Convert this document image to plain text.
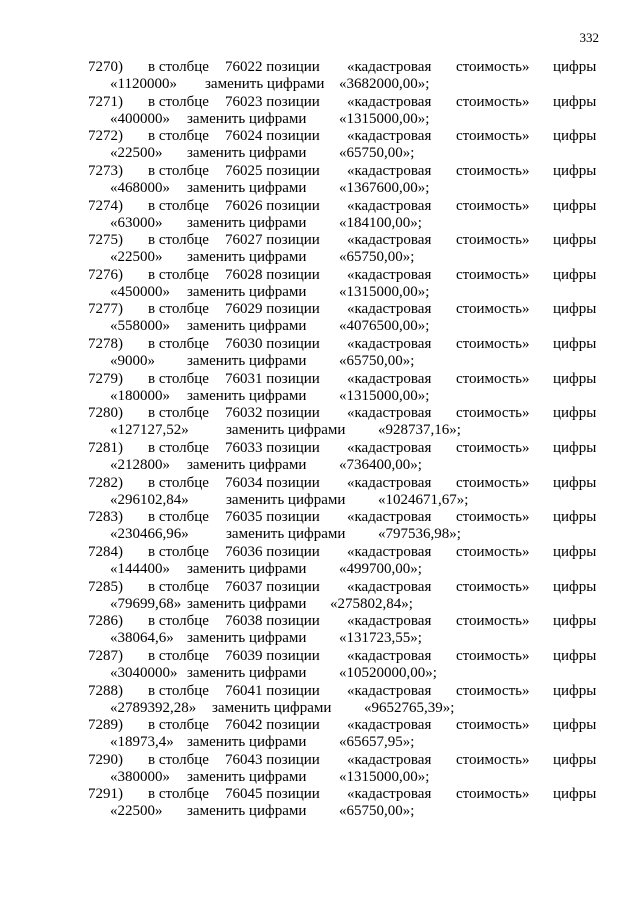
332
7270) в столбце 76022 позиции «кадастровая стоимость» цифры
«1120000» заменить цифрами «3682000,00»;
7271) в столбце 76023 позиции «кадастровая стоимость» цифры
«400000» заменить цифрами «1315000,00»;
7272) в столбце 76024 позиции «кадастровая стоимость» цифры
«22500» заменить цифрами «65750,00»;
7273) в столбце 76025 позиции «кадастровая стоимость» цифры
«468000» заменить цифрами «1367600,00»;
7274) в столбце 76026 позиции «кадастровая стоимость» цифры
«63000» заменить цифрами «184100,00»;
7275) в столбце 76027 позиции «кадастровая стоимость» цифры
«22500» заменить цифрами «65750,00»;
7276) в столбце 76028 позиции «кадастровая стоимость» цифры
«450000» заменить цифрами «1315000,00»;
7277) в столбце 76029 позиции «кадастровая стоимость» цифры
«558000» заменить цифрами «4076500,00»;
7278) в столбце 76030 позиции «кадастровая стоимость» цифры
«9000» заменить цифрами «65750,00»;
7279) в столбце 76031 позиции «кадастровая стоимость» цифры
«180000» заменить цифрами «1315000,00»;
7280) в столбце 76032 позиции «кадастровая стоимость» цифры
«127127,52» заменить цифрами «928737,16»;
7281) в столбце 76033 позиции «кадастровая стоимость» цифры
«212800» заменить цифрами «736400,00»;
7282) в столбце 76034 позиции «кадастровая стоимость» цифры
«296102,84» заменить цифрами «1024671,67»;
7283) в столбце 76035 позиции «кадастровая стоимость» цифры
«230466,96» заменить цифрами «797536,98»;
7284) в столбце 76036 позиции «кадастровая стоимость» цифры
«144400» заменить цифрами «499700,00»;
7285) в столбце 76037 позиции «кадастровая стоимость» цифры
«79699,68» заменить цифрами «275802,84»;
7286) в столбце 76038 позиции «кадастровая стоимость» цифры
«38064,6» заменить цифрами «131723,55»;
7287) в столбце 76039 позиции «кадастровая стоимость» цифры
«3040000» заменить цифрами «10520000,00»;
7288) в столбце 76041 позиции «кадастровая стоимость» цифры
«2789392,28» заменить цифрами «9652765,39»;
7289) в столбце 76042 позиции «кадастровая стоимость» цифры
«18973,4» заменить цифрами «65657,95»;
7290) в столбце 76043 позиции «кадастровая стоимость» цифры
«380000» заменить цифрами «1315000,00»;
7291) в столбце 76045 позиции «кадастровая стоимость» цифры
«22500» заменить цифрами «65750,00»;
